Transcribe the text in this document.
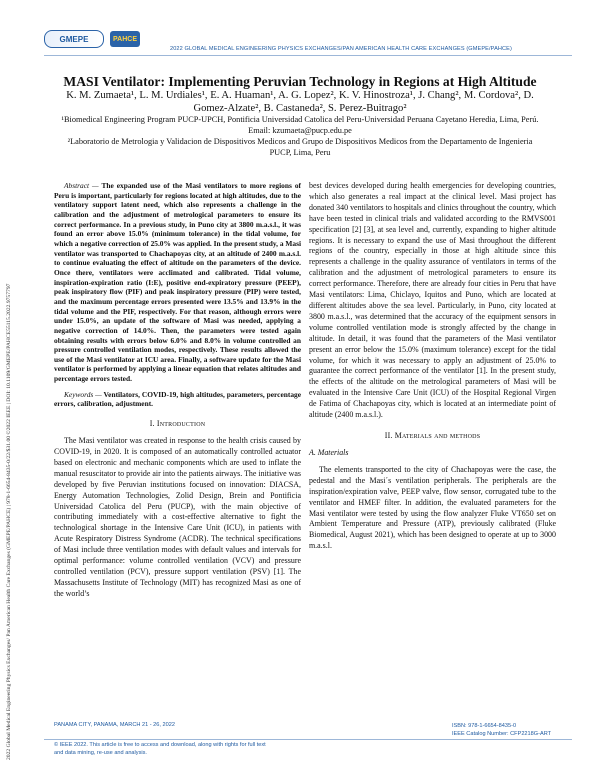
GMEPE	PAHCE
2022 GLOBAL MEDICAL ENGINEERING PHYSICS EXCHANGES/PAN AMERICAN HEALTH CARE EXCHANGES (GMEPE/PAHCE)
2022 Global Medical Engineering Physics Exchanges/ Pan American Health Care Exchanges (GMEPE/PAHCE) | 978-1-6654-8435-0/22/$31.00 ©2022 IEEE | DOI: 10.1109/GMEPE/PAHCE55115.2022.9757797
MASI Ventilator: Implementing Peruvian Technology in Regions at High Altitude

K. M. Zumaeta¹, L. M. Urdiales¹, E. A. Huaman¹, A. G. Lopez², K. V. Hinostroza¹, J. Chang², M. Cordova², D. Gomez-Alzate², B. Castaneda², S. Perez-Buitrago²

¹Biomedical Engineering Program PUCP-UPCH, Pontificia Universidad Catolica del Peru-Universidad Peruana Cayetano Heredia, Lima, Perú. Email: kzumaeta@pucp.edu.pe

²Laboratorio de Metrologia y Validacion de Dispositivos Medicos and Grupo de Dispositivos Medicos from the Departamento de Ingenieria PUCP, Lima, Peru

Abstract — The expanded use of the Masi ventilators to more regions of Peru is important, particularly for regions located at high altitudes, due to the ventilatory support latent need, which also represents a challenge in the calibration and the adjustment of metrological parameters to ensure its correct performance. In a previous study, in Puno city at 3800 m.a.s.l., it was found an error above 15.0% (minimum tolerance) in the tidal volume, for which a negative correction of 25.0% was applied. In the present study, a Masi ventilator was transported to Chachapoyas city, at an altitude of 2400 m.a.s.l. to continue evaluating the effect of altitude on the parameters of the device. Once there, ventilators were acclimated and calibrated. Tidal volume, inspiration-expiration ratio (I:E), positive end-expiratory pressure (PEEP), peak inspiratory flow (PIF) and peak inspiratory pressure (PIP) were tested, and the maximum percentage errors presented were 13.5% and 13.9% in the tidal volume and the PIF, respectively. For that reason, although errors were under 15.0%, an update of the software of Masi was needed, applying a negative correction of 14.0%. Then, the parameters were tested again obtaining results with errors below 6.0% and 8.0% in volume controlled an pressure controlled ventilation modes, respectively. These results allowed the use of the Masi ventilator at ICU area. Finally, a software update for the Masi ventilator is performed by applying a linear equation that relates altitudes and percentage errors tested.

Keywords — Ventilators, COVID-19, high altitudes, parameters, percentage errors, calibration, adjustment.

I. Introduction

The Masi ventilator was created in response to the health crisis caused by COVID-19, in 2020. It is composed of an automatically controlled actuator based on electronic and mechanic components which are used to inflate the manual resuscitator to provide air into the patients airways. The initiative was developed by five Peruvian institutions focused on innovation: DIACSA, Energy Automation Technologies, Zolid Design, Brein and Pontificia Universidad Catolica del Peru (PUCP), with the main objective of contributing immediately with a cost-effective alternative to fight the technological shortage in the Intensive Care Unit (ICU), in patients with Acute Respiratory Distress Syndrome (ACDR). The technical specifications of Masi include three ventilation modes with default values and intervals for optimal performance: volume controlled ventilation (VCV) and pressure controlled ventilation (PCV), pressure support ventilation (PSV) [1]. The Massachusetts Institute of Technology (MIT) has recognized Masi as one of the world’s

best devices developed during health emergencies for developing countries, which also generates a real impact at the clinical level. Masi project has donated 340 ventilators to hospitals and clinics throughout the country, which have been tested in clinical trials and validated according to the RMVS001 specification [2] [3], at sea level and, currently, expanding to higher altitude regions. It is necessary to expand the use of Masi throughout the different regions of the country, especially in those at high altitude since this represents a challenge in the quality assurance of ventilators in terms of the calibration and the adjustment of metrological parameters to ensure its correct performance. Therefore, there are already four cities in Peru that have Masi ventilators: Lima, Chiclayo, Iquitos and Puno, which are located at different altitudes above the sea level. Particularly, in Puno, city located at 3800 m.a.s.l., was determined that the accuracy of the equipment sensors in volume controlled ventilation mode is strongly affected by the change in altitude. In detail, it was found that the parameters of the Masi ventilator present an error below the 15.0% (maximum tolerance) except for the tidal volume, for which it was necessary to apply an adjustment of 25.0% to guarantee the correct performance of the ventilator [1]. In the present study, the effects of the altitude on the metrological parameters of Masi will be evaluated in the Intensive Care Unit (ICU) of the Hospital Regional Virgen de Fatima of Chachapoyas city, which is located at an intermediate point of altitude (2400 m.a.s.l.).

II. Materials and methods
A. Materials

The elements transported to the city of Chachapoyas were the case, the pedestal and the Masi´s ventilation peripherals. The peripherals are the inspiration/expiration valve, PEEP valve, flow sensor, corrugated tube to the ventilator and HMEF filter. In addition, the evaluated parameters for the Masi ventilator were tested by using the flow analyzer Fluke VT650 set on Ambient Temperature and Pressure (ATP), previously calibrated (Fluke Biomedical, August 2021), which has been designed to operate at up to 3000 m.a.s.l.

PANAMA CITY, PANAMA, MARCH 21 - 26, 2022	ISBN: 978-1-6654-8435-0
IEEE Catalog Number: CFP2218G-ART
© IEEE 2022. This article is free to access and download, along with rights for full text and data mining, re-use and analysis.
